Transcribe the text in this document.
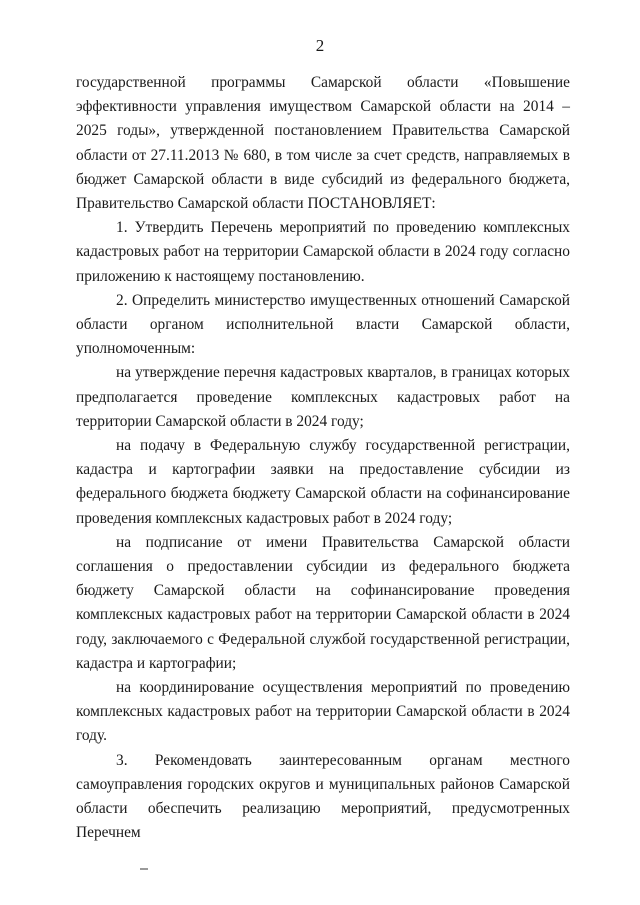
2

государственной программы Самарской области «Повышение эффективности управления имуществом Самарской области на 2014 – 2025 годы», утвержденной постановлением Правительства Самарской области от 27.11.2013 № 680, в том числе за счет средств, направляемых в бюджет Самарской области в виде субсидий из федерального бюджета, Правительство Самарской области ПОСТАНОВЛЯЕТ:

1. Утвердить Перечень мероприятий по проведению комплексных кадастровых работ на территории Самарской области в 2024 году согласно приложению к настоящему постановлению.

2. Определить министерство имущественных отношений Самарской области органом исполнительной власти Самарской области, уполномоченным:

на утверждение перечня кадастровых кварталов, в границах которых предполагается проведение комплексных кадастровых работ на территории Самарской области в 2024 году;

на подачу в Федеральную службу государственной регистрации, кадастра и картографии заявки на предоставление субсидии из федерального бюджета бюджету Самарской области на софинансирование проведения комплексных кадастровых работ в 2024 году;

на подписание от имени Правительства Самарской области соглашения о предоставлении субсидии из федерального бюджета бюджету Самарской области на софинансирование проведения комплексных кадастровых работ на территории Самарской области в 2024 году, заключаемого с Федеральной службой государственной регистрации, кадастра и картографии;

на координирование осуществления мероприятий по проведению комплексных кадастровых работ на территории Самарской области в 2024 году.

3. Рекомендовать заинтересованным органам местного самоуправления городских округов и муниципальных районов Самарской области обеспечить реализацию мероприятий, предусмотренных Перечнем
